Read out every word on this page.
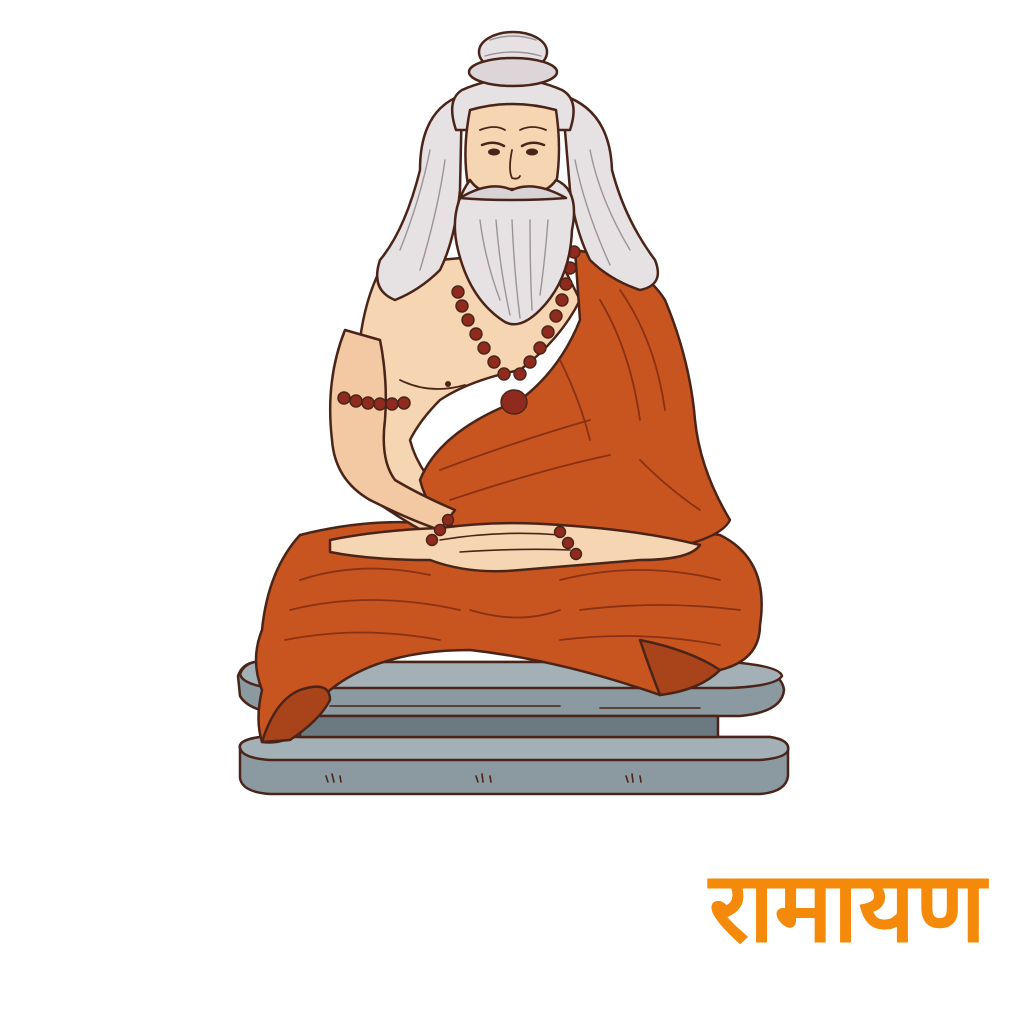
रामायण
